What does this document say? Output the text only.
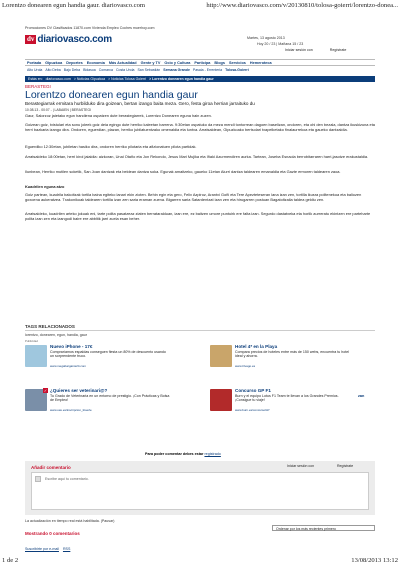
Lorentzo donearen egun handia gaur. diariovasco.com	http://www.diariovasco.com/v/20130810/tolosa-goierri/lorentzo-donea...
Promociones DV Clasificados 11870.com Vivienda Empleo Coches muerhoy.com
dv diariovasco.com	Martes, 13 agosto 2013
Hoy 20 / 23 | Mañana 15 / 23
Iniciar sesión con	Regístrate
Portada Gipuzkoa Deportes Economía Más Actualidad Gente y TV Ocio y Cultura Participa Blogs Servicios Hemeroteca
Alto Urola Alto Deba Bajo Deba Bidasoa Comarca Costa Urola San Sebastián Semana Grande Pasaia - Errenteria Tolosa-Goierri
Estás en: diariovasco.com > Noticias Gipuzkoa > Noticias Tolosa Goierri > Lorentzo donearen egun handia gaur
BERASTEGI
Lorentzo donearen egun handia gaur
Berastegiarrak ermitara hurbilduko dira goizean, bertan izango baita meza. Gero, festa giroa herrian jarraituko du
10.08.13 - 00:07 - | LABAIEN | BERASTEGI
Gaur, Salorzoz jaietako egun handiena ospatzen dute berastegiarrek, Lorentzo Donearen eguna hain zuzen.
Goizean goiz, txistulari eta sonu joleek goiz deia egingo dute herriko kaleetan barrena. 9:30etan ospatuko da meza mendi tontorrean dagoen baselizan, ondoren, eta ohi den bezala, dantza ikuskizuna eta herri bazkaria izango dira. Ondoren, eguerdian, plazan, herriko jubilatuentzako omenaldia eta luntxa. Arratsaldean, Gipuzkoako bertsolari txapelketako finalaurrekoa eta gaueko dantzaldia.
Eguerdiko 12:30etan, jubiletan hasiko dira, ondoren herriko pilotaria eta afizionatuen pilota partidak.
Arratsaldeko 18:00etan, herri kirol jaialdia: aizkoran, Unai Otaño eta Jon Rekondo, Jesus Mari Mujika eta Iñaki Azurmendiren aurka. Tartean, Joseba Esnaola berrobitarraren harri-jasotze erakustaldia.
Ilunbean, Herriko mutilen soketik, San Joan dantzak eta beldean dantza soka. Egunak amaitzeko, gaueko 11etan Aiurri dantza taldearen emanaldia eta Gazte ermoren taldearen zaoa.
Kuadrilen eguna atzo
Goiz partean, kuadrila bakoitzak tortila baina egiteko lanari ekin zioten. Behin egin eta gero, Felix Azpiroz, Arantxi Goñi eta Tere Apezteteseran lana izan zen, tortilla ikusra politenekoa eta baliozen goxoena aukeratzea. Txakonikoak taldearen tortilla izan zen saria eraman zuena. Bigarren saria Satardentzat izan zen eta hirugarren postuan Bagatoltzaila taldea geldiu zen.
Arratsaldeko, kuadrilen arteko jokuak eni, tarte polita pasatzeaz ziaten berrataralduan, izan ere, ez baitzen umore puntuirk ere falta izan. Segurdo dastatxeka eta horiik aurreratu ekintzen ere parteharte polita izan zen eta izangodi baire ere abbltik jarri zuela esan beher.
TAGS RELACIONADOS
lorentzo, donearen, egun, handia, gaur
Publicidad
Nuevo iPhone - 17€
Compraríamos espaldas conseguen fiesta un 80% de descuento usando un sorprendente truco.
www.megabargains24.com
Hotel 4* en la Playa
Compara precios de hoteles entre más de 150 webs, encuentra tu hotel ideal y ahorra.
www.trivago.es
✓ ¿Quieres ser veterinari@?
Tu Grado de Veterinaria en un entorno de prestigio. ¡Con Prácticas y Bolsa de Empleo!
www.uax.es/inscripcion_titoerle
Concurso GP F1
Burn y el equipo Lotus F1 Team te llevan a los Grandes Premios. ¡Consigue tu viaje!
www.burn.es/concursoGP
zan
Para poder comentar debes estar registrado
Añadir comentario	Iniciar sesión con	Regístrate
Escribe aquí tu comentario.
La actualización en tiempo real está habilitada. (Pausar)
Ordenar por los más recientes primero
Mostrando 0 comentarios
Suscribirte por e-mail RSS
1 de 2	13/08/2013 13:12
